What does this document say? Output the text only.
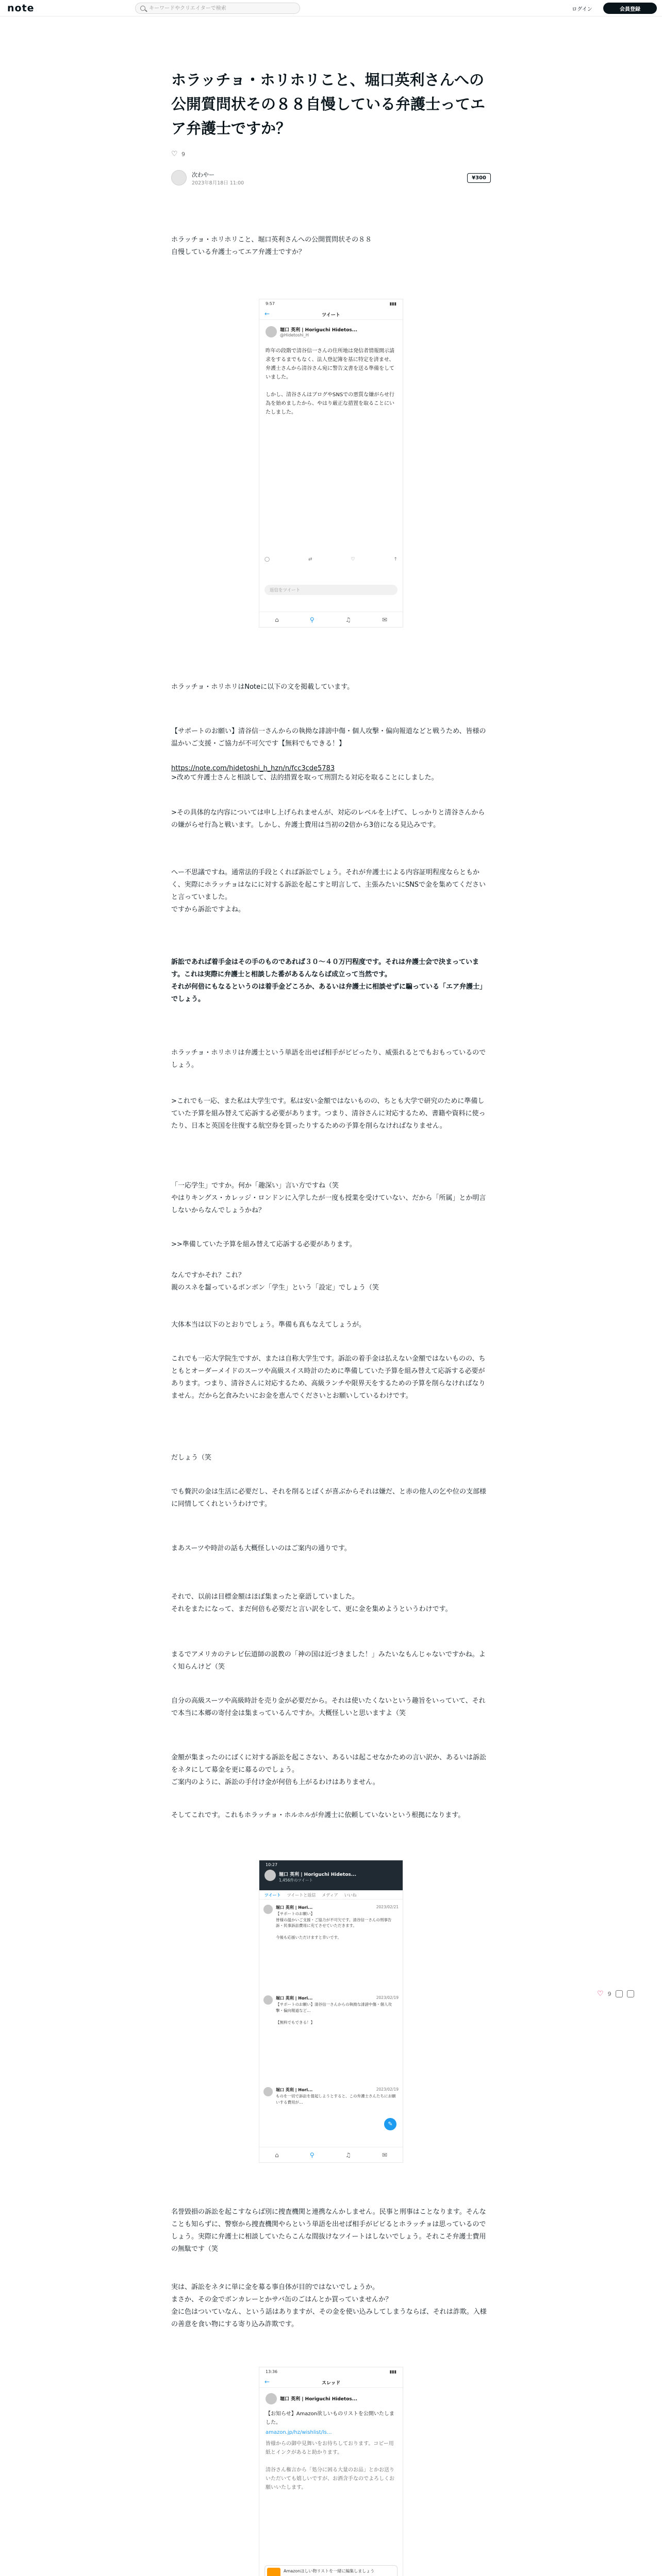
note
キーワードやクリエイターで検索	ログイン	会員登録
ホラッチョ・ホリホリこと、堀口英利さんへの公開質問状その８８自慢している弁護士ってエア弁護士ですか？
♡ 9
次わやー
2023年8月18日 11:00
¥300
ホラッチョ・ホリホリこと、堀口英利さんへの公開質問状その８８
自慢している弁護士ってエア弁護士ですか？
9:57	▮▮▮
←	ツイート
堀口 英利 | Horiguchi Hidetos...
@Hidetoshi_H
昨年の段階で清谷信一さんの住所地は発信者情報開示請求をするまでもなく、法人登記簿を基に特定を済ませ、
弁護士さんから清谷さん宛に警告文書を送る準備をしていました。

しかし、清谷さんはブログやSNSでの悪質な嫌がらせ行為を始めましたから、やはり厳正な措置を取ることにいたしました。
◯	⇄	♡	↑
返信をツイート
⌂	⚲	♫	✉
ホラッチョ・ホリホリはNoteに以下の文を掲載しています。

【サポートのお願い】清谷信一さんからの執拗な誹謗中傷・個人攻撃・偏向報道などと戦うため、皆様の温かいご支援・ご協力が不可欠です【無料でもできる！】

https://note.com/hidetoshi_h_hzn/n/fcc3cde5783

>改めて弁護士さんと相談して、法的措置を取って刑罰たる対応を取ることにしました。
>その具体的な内容については申し上げられませんが、対応のレベルを上げて、しっかりと清谷さんからの嫌がらせ行為と戦います。しかし、弁護士費用は当初の2倍から3倍になる見込みです。
へー不思議ですね。通常法的手段とくれば訴訟でしょう。それが弁護士による内容証明程度ならともかく、実際にホラッチョはなにに対する訴訟を起こすと明言して、主張みたいにSNSで金を集めてくださいと言っていました。
ですから訴訟ですよね。
訴訟であれば着手金はその手のものであれば３０～４０万円程度です。それは弁護士会で決まっています。これは実際に弁護士と相談した番があるんならば成立って当然です。
それが何倍にもなるというのは着手金どころか、あるいは弁護士に相談せずに騙っている「エア弁護士」でしょう。
ホラッチョ・ホリホリは弁護士という単語を出せば相手がビビったり、威張れるとでもおもっているのでしょう。
>これでも一応、また私は大学生です。私は安い金額ではないものの、ちとも大学で研究のために準備していた予算を組み替えて応訴する必要があります。つまり、清谷さんに対応するため、書籍や資料に使ったり、日本と英国を往復する航空券を買ったりするための予算を削らなければなりません。
「一応学生」ですか。何か「趣深い」言い方ですね（笑
やはりキングス・カレッジ・ロンドンに入学したが一度も授業を受けていない、だから「所属」とか明言しないからなんでしょうかね？
>>準備していた予算を組み替えて応訴する必要があります。
なんですかそれ？これ？
親のスネを齧っているボンボン「学生」という「設定」でしょう（笑
大体本当は以下のとおりでしょう。準備も真もなえてしょうが。
これでも一応大学院生ですが、または自称大学生です。訴訟の着手金は払えない金額ではないものの、ちともとオーダーメイドのスーツや高級スイス時計のために準備していた予算を組み替えて応訴する必要があります。つまり、清谷さんに対応するため、高級ランチや限界天をするための予算を削らなければなりません。だから乞食みたいにお金を恵んでくださいとお願いしているわけです。
だしょう（笑
でも贅沢の金は生活に必要だし、それを削るとばくが喜ぶからそれは嫌だ、と赤の他人の乞や位の支部様に同情してくれというわけです。
まあスーツや時計の話も大概怪しいのはご案内の通りです。
それで、以前は目標金額はほぼ集まったと豪語していました。
それをまたになって、まだ何倍も必要だと言い訳をして、更に金を集めようというわけです。
まるでアメリカのテレビ伝道師の説教の「神の国は近づきました！」みたいなもんじゃないですかね。よく知らんけど（笑
自分の高級スーツや高級時計を売り金が必要だから。それは使いたくないという趣旨をいっていて、それで本当に本郷の寄付金は集まっているんですか。大概怪しいと思いますよ（笑
金額が集まったのにばくに対する訴訟を起こさない、あるいは起こせなかための言い訳か、あるいは訴訟をネタにして募金を更に募るのでしょう。
ご案内のように、訴訟の手付け金が何倍も上がるわけはありません。
そしてこれです。これもホラッチョ・ホルホルが弁護士に依頼していないという根拠になります。
10:27
堀口 英利 | Horiguchi Hidetos...
1,456件のツイート
ツイート ツイートと返信 メディア いいね
堀口 英利 | Hori...	2023/02/21
【サポートのお願い】
皆様の温かいご支援・ご協力が不可欠です。清谷信一さんの刑事告訴・民事訴訟費用に充てさせていただきます。

今後も応援いただけますと幸いです。
堀口 英利 | Hori...	2023/02/19
【サポートのお願い】清谷信一さんからの執拗な誹謗中傷・個人攻撃・偏向報道など…

【無料でもできる！】
堀口 英利 | Hori...	2023/02/19
ものを一切で訴訟を提起しようとすると、この弁護士さんたちにお願いする費用が…
✎
⌂	⚲	♫	✉
名誉毀損の訴訟を起こすならば別に捜査機関と連携なんかしません。民事と刑事はことなります。そんなことも知らずに、警察から捜査機関やらという単語を出せば相手がビビるとホラッチョは思っているのでしょう。実際に弁護士に相談していたらこんな間抜けなツイートはしないでしょう。それこそ弁護士費用の無駄です（笑
実は、訴訟をネタに単に金を募る事自体が目的ではないでしょうか。
まさか、その金でボンカレーとかサバ缶のごはんとか買っていませんか？
金に色はついていなん、という話はありますが、その金を使い込みしてしまうならば、それは詐欺。入様の善意を食い物にする寄り込み詐欺です。
13:36	▮▮▮
←	スレッド
堀口 英利 | Horiguchi Hidetos...
【お知らせ】Amazon欲しいものリストを公開いたしました。
amazon.jp/hz/wishlist/ls...
皆様からの御中見舞いをお待ちしております。コピー用紙とインクがあると助かります。

清谷さん権言から「処分に困る大量のお品」とかお送りいただいても嬉しいですが、お酒含手なのでよろしくお願いいたします。
Amazonほしい物リストを一緒に編集しましょう
♡ 9
